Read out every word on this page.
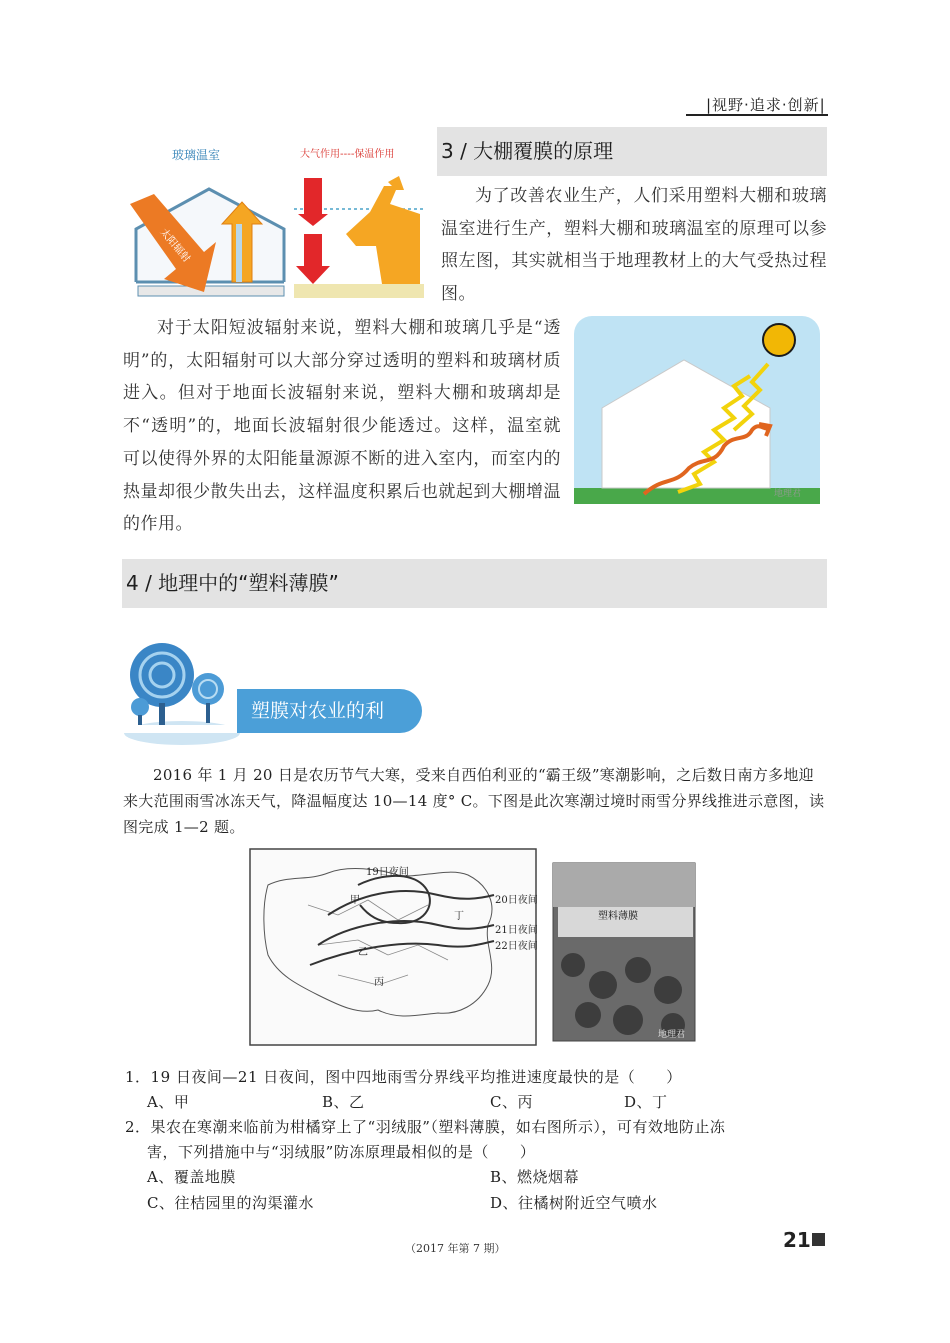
|视野·追求·创新|
3 / 大棚覆膜的原理
玻璃温室	大气作用----保温作用
太阳辐射
为了改善农业生产，人们采用塑料大棚和玻璃温室进行生产，塑料大棚和玻璃温室的原理可以参照左图，其实就相当于地理教材上的大气受热过程图。
对于太阳短波辐射来说，塑料大棚和玻璃几乎是“透明”的，太阳辐射可以大部分穿过透明的塑料和玻璃材质进入。但对于地面长波辐射来说，塑料大棚和玻璃却是不“透明”的，地面长波辐射很少能透过。这样，温室就可以使得外界的太阳能量源源不断的进入室内，而室内的热量却很少散失出去，这样温度积累后也就起到大棚增温的作用。
地理君
4 / 地理中的“塑料薄膜”
塑膜对农业的利
2016 年 1 月 20 日是农历节气大寒，受来自西伯利亚的“霸王级”寒潮影响，之后数日南方多地迎来大范围雨雪冰冻天气，降温幅度达 10—14 度° C。下图是此次寒潮过境时雨雪分界线推进示意图，读图完成 1—2 题。
19日夜间
20日夜间
21日夜间
22日夜间
甲
乙
丙
丁	塑料薄膜
地理君
1．19 日夜间—21 日夜间，图中四地雨雪分界线平均推进速度最快的是（　　）
A、甲	B、乙	C、丙	D、丁
2．果农在寒潮来临前为柑橘穿上了“羽绒服”（塑料薄膜，如右图所示），可有效地防止冻
害，下列措施中与“羽绒服”防冻原理最相似的是（　　）
A、覆盖地膜	B、燃烧烟幕
C、往桔园里的沟渠灌水	D、往橘树附近空气喷水
（2017 年第 7 期）	21
